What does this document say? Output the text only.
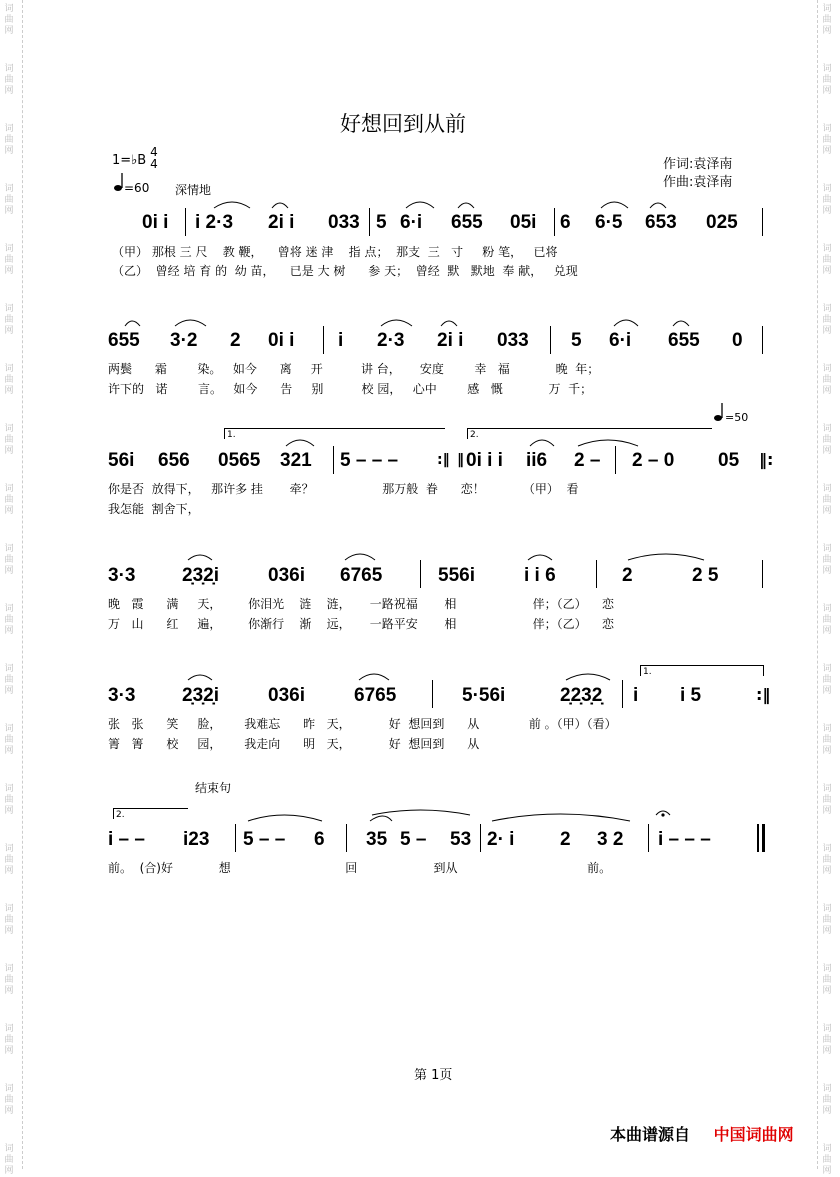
词曲网
词曲网
词曲网
词曲网
词曲网
词曲网
词曲网
词曲网
词曲网
词曲网
词曲网
词曲网
词曲网
词曲网
词曲网
词曲网
词曲网
词曲网
词曲网
词曲网
词曲网
词曲网
词曲网
词曲网
词曲网
词曲网
词曲网
词曲网
词曲网
词曲网
词曲网
词曲网
词曲网
词曲网
词曲网
词曲网
词曲网
词曲网
词曲网
词曲网
好想回到从前
1=♭B
4
4
=60 深情地
作词:袁泽南
作曲:袁泽南
0i i i 2·3 2i i 033 5 6·i 655 05i 6 6·5 653 025
（甲） 那根 三 尺    教 鞭，    曾将 迷 津    指 点；  那支  三   寸     粉 笔，   已将
（乙）  曾经 培 育 的  幼 苗，    已是 大 树      参 天；  曾经  默   默地  奉 献，   兑现
655 3·2 2 0i i i 2·3 2i i 033 5 6·i 655 0
两鬓      霜        染。   如今      离     开          讲 台，     安度        幸   福            晚  年；
许下的   诺        言。   如今      告     别          校 园，   心中        感   慨            万  千；
=50
1.	2.
56i 656 0565 321 5 – – –	:‖ ‖ 0i i i ii6 2 – 2 – 0 05 ‖:
你是否  放得下，   那许多 挂       牵？                  那万般  眷      恋！          （甲）  看
我怎能  割舍下，
3·3 2̣3̣2̣i	036i 6765	556i	i i 6	2	2 5
晚   霞      满     天，       你泪光    涟    涟，     一路祝福       相                    伴；（乙）    恋
万   山      红     遍，       你渐行    渐    远，     一路平安       相                    伴；（乙）    恋
1.
3·3 2̣3̣2̣i	036i	6765	5·56i	2̣2̣3̣2̣ i i 5	:‖
张   张      笑     脸，      我难忘      昨   天，          好  想回到      从             前 。（甲）（看）
箐   箐      校     园，      我走向      明   天，          好  想回到      从
结束句
2.
i – – i23 5 – – 6 35 5 – 53 2· i 2 3 2 i – – –
前。  (合)好            想                              回                    到从                                  前。
第 1页
本曲谱源自 中国词曲网
